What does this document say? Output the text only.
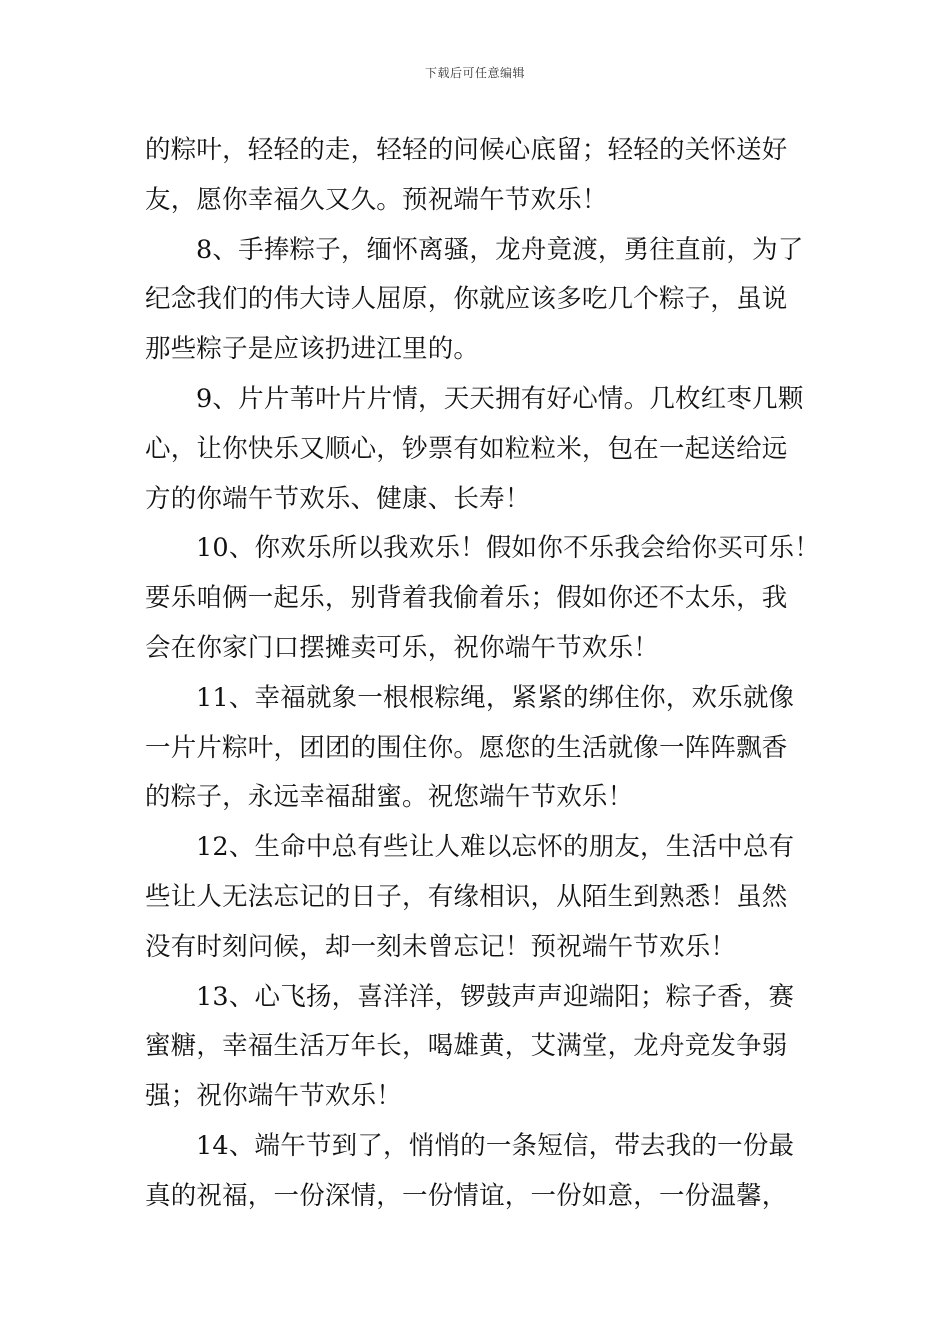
下载后可任意编辑
的粽叶，轻轻的走，轻轻的问候心底留；轻轻的关怀送好
友，愿你幸福久又久。预祝端午节欢乐！
8、手捧粽子，缅怀离骚，龙舟竟渡，勇往直前，为了
纪念我们的伟大诗人屈原，你就应该多吃几个粽子，虽说
那些粽子是应该扔进江里的。
9、片片苇叶片片情，天天拥有好心情。几枚红枣几颗
心，让你快乐又顺心，钞票有如粒粒米，包在一起送给远
方的你端午节欢乐、健康、长寿！
10、你欢乐所以我欢乐！假如你不乐我会给你买可乐！
要乐咱俩一起乐，别背着我偷着乐；假如你还不太乐，我
会在你家门口摆摊卖可乐，祝你端午节欢乐！
11、幸福就象一根根粽绳，紧紧的绑住你，欢乐就像
一片片粽叶，团团的围住你。愿您的生活就像一阵阵飘香
的粽子，永远幸福甜蜜。祝您端午节欢乐！
12、生命中总有些让人难以忘怀的朋友，生活中总有
些让人无法忘记的日子，有缘相识，从陌生到熟悉！虽然
没有时刻问候，却一刻未曾忘记！预祝端午节欢乐！
13、心飞扬，喜洋洋，锣鼓声声迎端阳；粽子香，赛
蜜糖，幸福生活万年长，喝雄黄，艾满堂，龙舟竞发争弱
强；祝你端午节欢乐！
14、端午节到了，悄悄的一条短信，带去我的一份最
真的祝福，一份深情，一份情谊，一份如意，一份温馨，
